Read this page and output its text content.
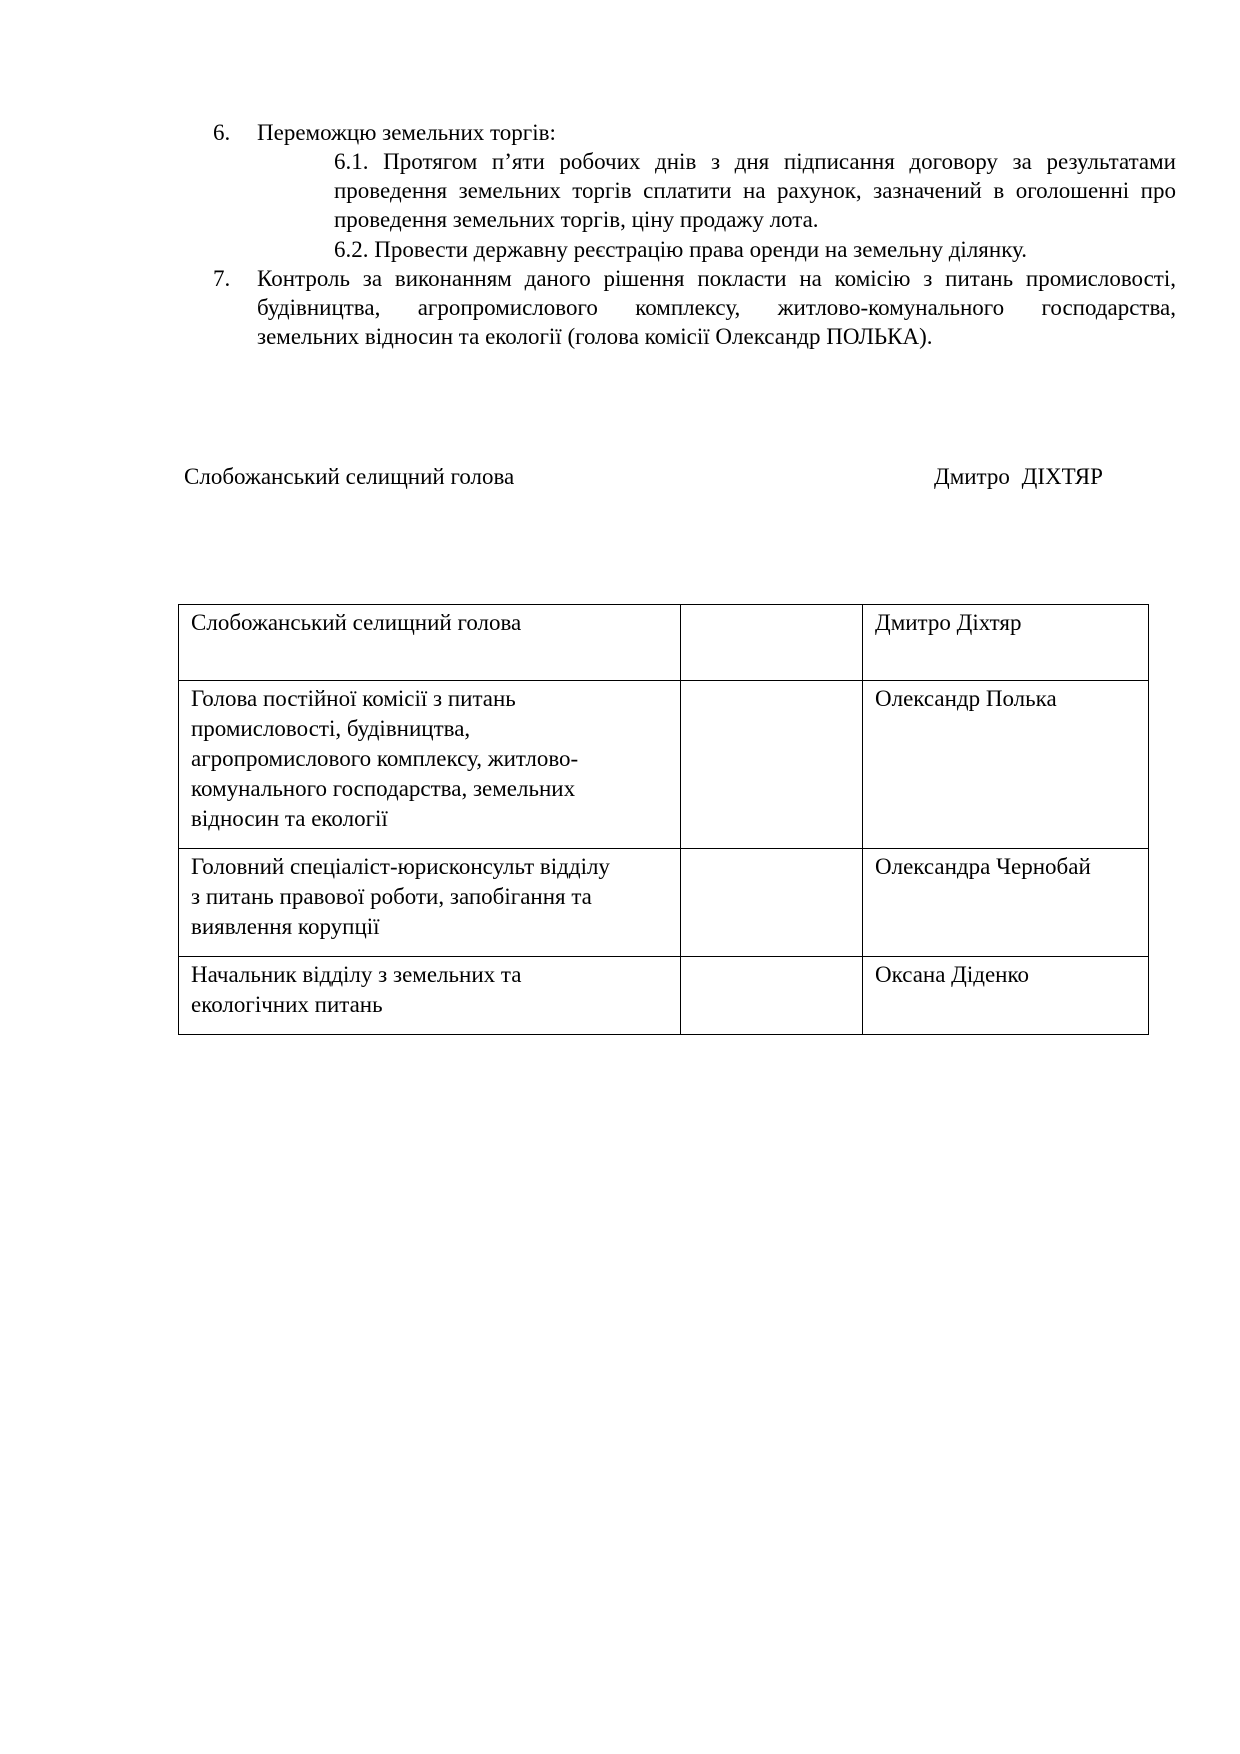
6. Переможцю земельних торгів:
6.1. Протягом п’яти робочих днів з дня підписання договору за результатами
проведення земельних торгів сплатити на рахунок, зазначений в оголошенні про
проведення земельних торгів, ціну продажу лота.
6.2. Провести державну реєстрацію права оренди на земельну ділянку.
7. Контроль за виконанням даного рішення покласти на комісію з питань промисловості,
будівництва, агропромислового комплексу, житлово-комунального господарства,
земельних відносин та екології (голова комісії Олександр ПОЛЬКА).
Слобожанський селищний голова	Дмитро ДІХТЯР
Слобожанський селищний голова		Дмитро Діхтяр

Голова постійної комісії з питань
промисловості, будівництва,
агропромислового комплексу, житлово-
комунального господарства, земельних
відносин та екології		Олександр Полька

Головний спеціаліст-юрисконсульт відділу
з питань правової роботи, запобігання та
виявлення корупції		Олександра Чернобай

Начальник відділу з земельних та
екологічних питань		Оксана Діденко
